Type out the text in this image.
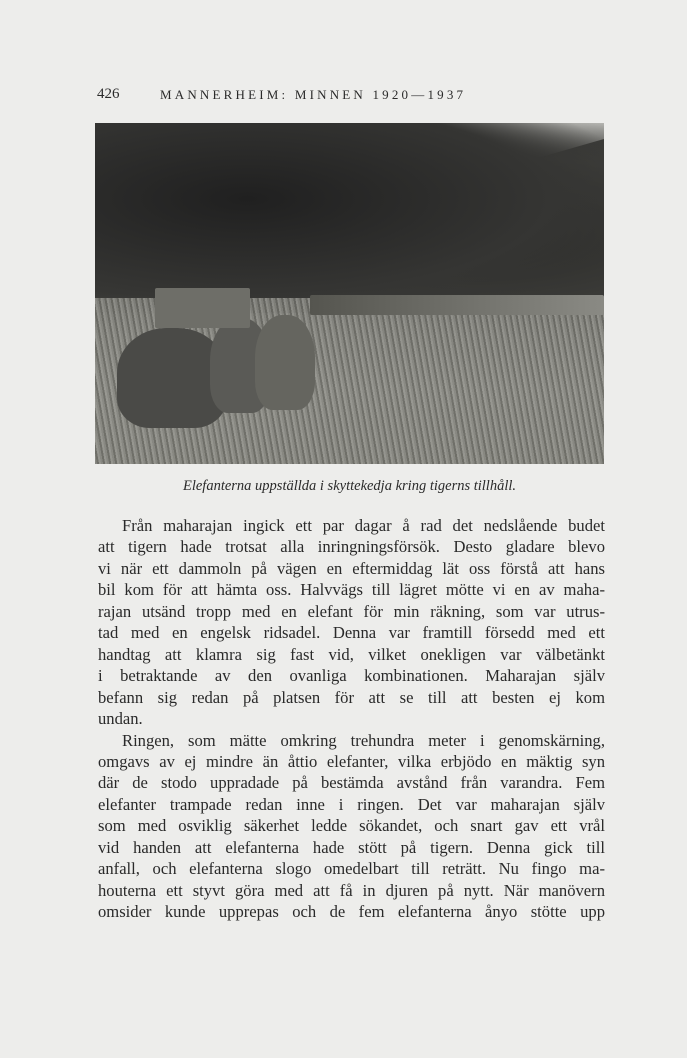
426	MANNERHEIM: MINNEN 1920—1937
Elefanterna uppställda i skyttekedja kring tigerns tillhåll.
Från maharajan ingick ett par dagar å rad det nedslående budet
att tigern hade trotsat alla inringningsförsök. Desto gladare blevo
vi när ett dammoln på vägen en eftermiddag lät oss förstå att hans
bil kom för att hämta oss. Halvvägs till lägret mötte vi en av maha-
rajan utsänd tropp med en elefant för min räkning, som var utrus-
tad med en engelsk ridsadel. Denna var framtill försedd med ett
handtag att klamra sig fast vid, vilket onekligen var välbetänkt
i betraktande av den ovanliga kombinationen. Maharajan själv
befann sig redan på platsen för att se till att besten ej kom
undan.
Ringen, som mätte omkring trehundra meter i genomskärning,
omgavs av ej mindre än åttio elefanter, vilka erbjödo en mäktig syn
där de stodo uppradade på bestämda avstånd från varandra. Fem
elefanter trampade redan inne i ringen. Det var maharajan själv
som med osviklig säkerhet ledde sökandet, och snart gav ett vrål
vid handen att elefanterna hade stött på tigern. Denna gick till
anfall, och elefanterna slogo omedelbart till reträtt. Nu fingo ma-
houterna ett styvt göra med att få in djuren på nytt. När manövern
omsider kunde upprepas och de fem elefanterna ånyo stötte upp
